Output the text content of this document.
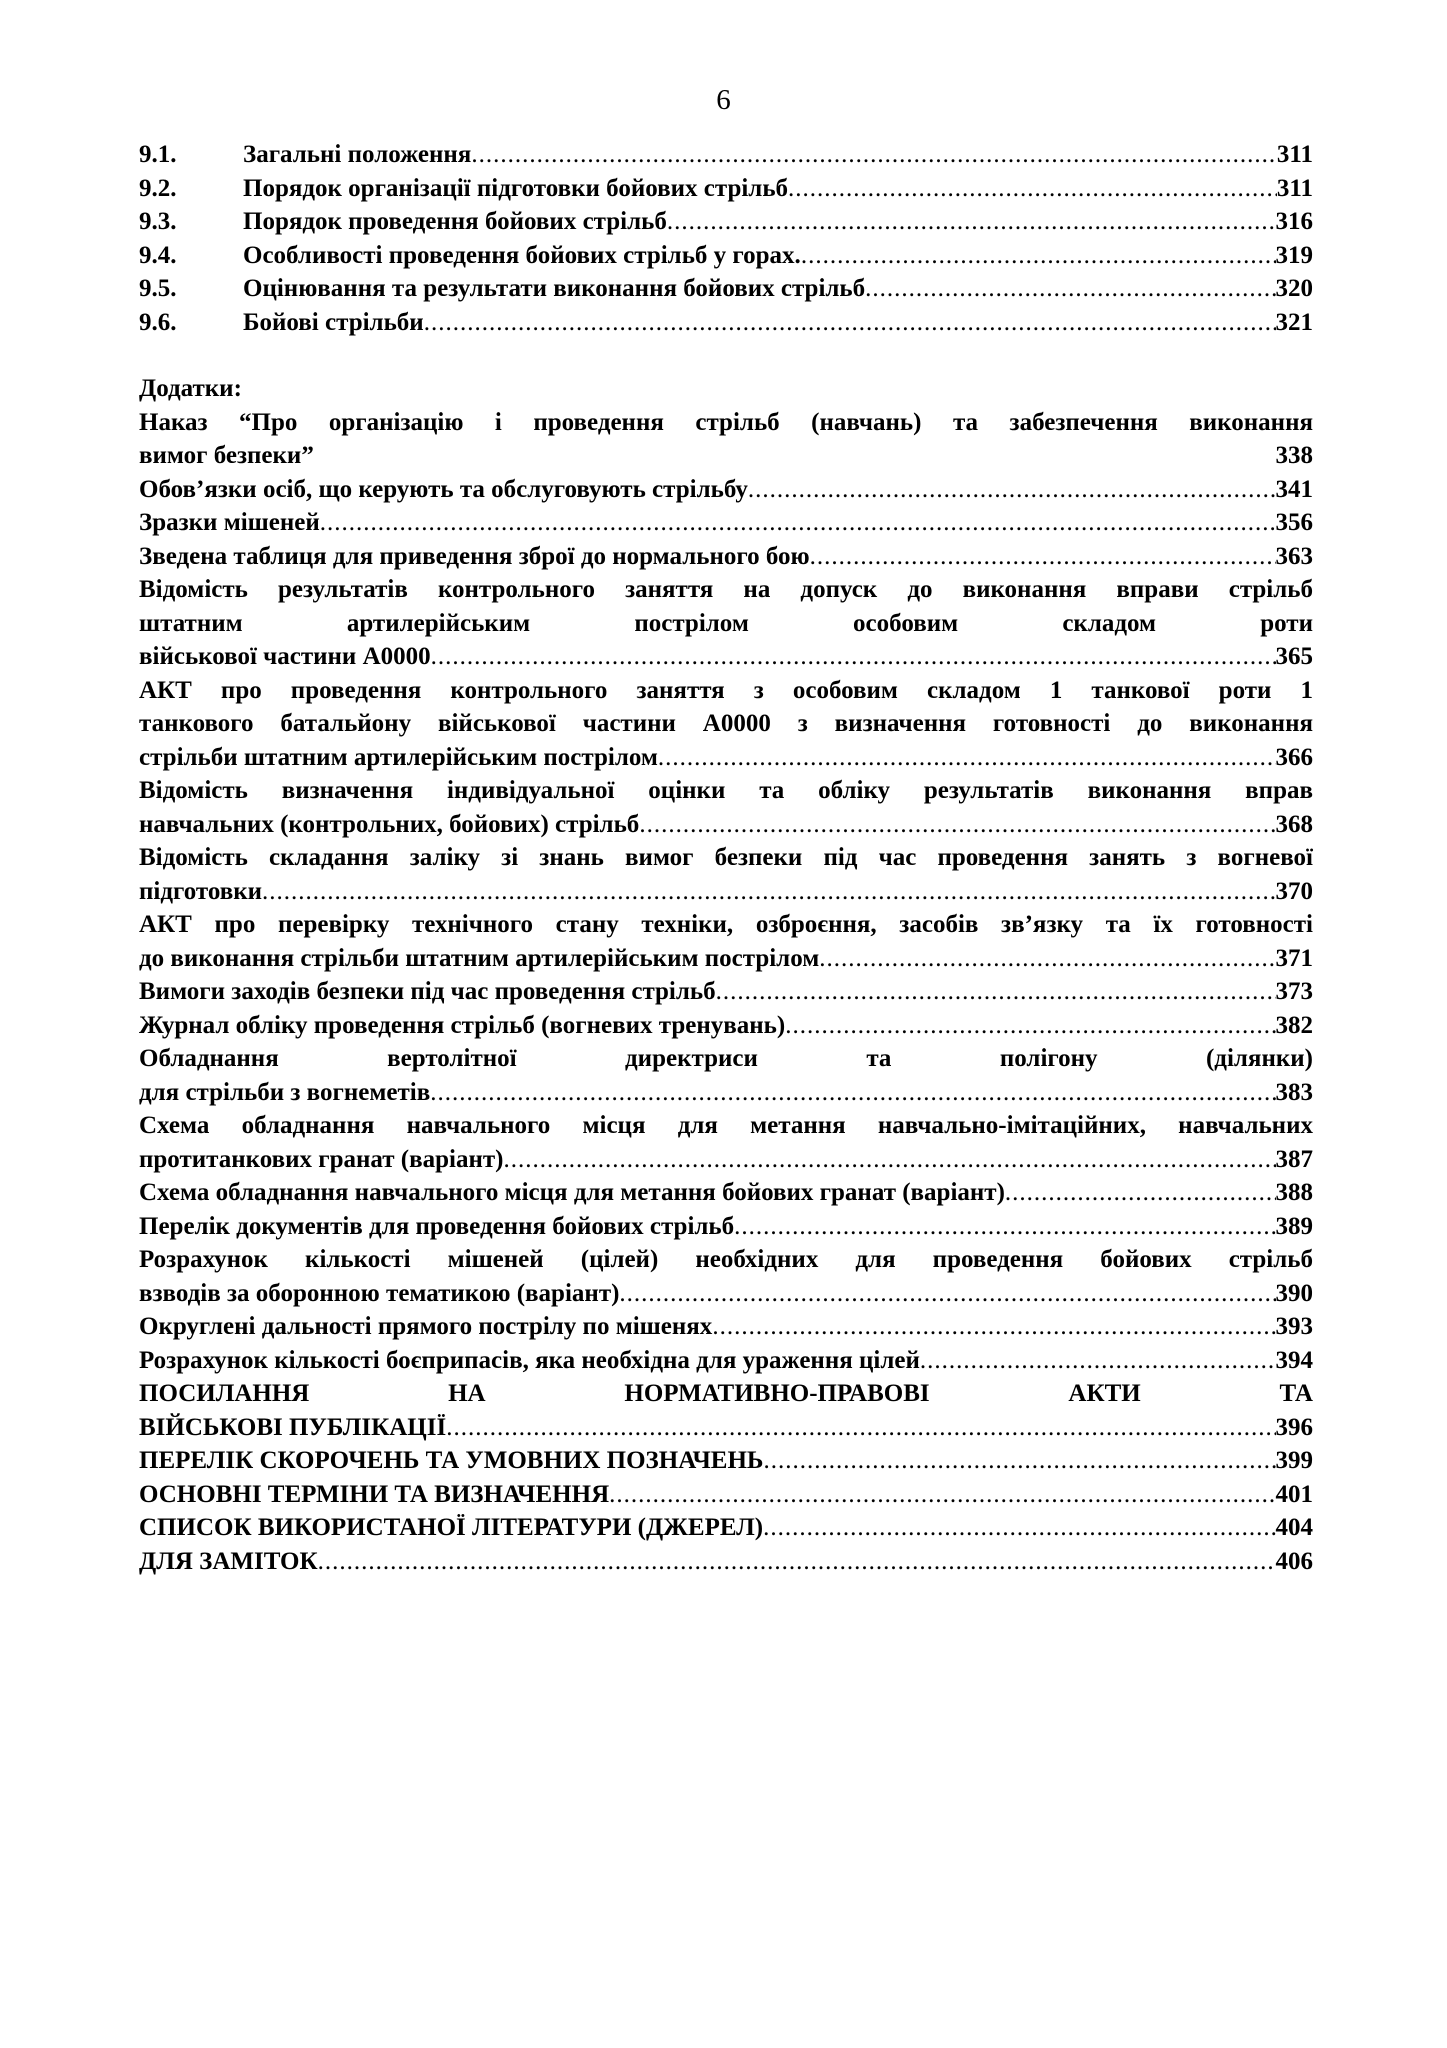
6
9.1.	Загальні положення .....	311
9.2.	Порядок організації підготовки бойових стрільб .....	311
9.3.	Порядок проведення бойових стрільб .....	316
9.4.	Особливості проведення бойових стрільб у горах. .....	319
9.5.	Оцінювання та результати виконання бойових стрільб .....	320
9.6.	Бойові стрільби .....	321
Додатки:
Наказ “Про організацію і проведення стрільб (навчань) та забезпечення виконання
вимог безпеки”	338
Обов’язки осіб, що керують та обслуговують стрільбу .....	341
Зразки мішеней .....	356
Зведена таблиця для приведення зброї до нормального бою .....	363
Відомість результатів контрольного заняття на допуск до виконання вправи стрільб
штатним артилерійським пострілом особовим складом роти
військової частини А0000 .....	365
АКТ про проведення контрольного заняття з особовим складом 1 танкової роти 1
танкового батальйону військової частини А0000 з визначення готовності до виконання
стрільби штатним артилерійським пострілом .....	366
Відомість визначення індивідуальної оцінки та обліку результатів виконання вправ
навчальних (контрольних, бойових) стрільб .....	368
Відомість складання заліку зі знань вимог безпеки під час проведення занять з вогневої
підготовки .....	370
АКТ про перевірку технічного стану техніки, озброєння, засобів зв’язку та їх готовності
до виконання стрільби штатним артилерійським пострілом .....	371
Вимоги заходів безпеки під час проведення стрільб .....	373
Журнал обліку проведення стрільб (вогневих тренувань) .....	382
Обладнання вертолітної директриси та полігону (ділянки)
для стрільби з вогнеметів .....	383
Схема обладнання навчального місця для метання навчально-імітаційних, навчальних
протитанкових гранат (варіант) .....	387
Схема обладнання навчального місця для метання бойових гранат (варіант) .....	388
Перелік документів для проведення бойових стрільб .....	389
Розрахунок кількості мішеней (цілей) необхідних для проведення бойових стрільб
взводів за оборонною тематикою (варіант) .....	390
Округлені дальності прямого пострілу по мішенях .....	393
Розрахунок кількості боєприпасів, яка необхідна для ураження цілей .....	394
ПОСИЛАННЯ НА НОРМАТИВНО-ПРАВОВІ АКТИ ТА
ВІЙСЬКОВІ ПУБЛІКАЦІЇ .....	396
ПЕРЕЛІК СКОРОЧЕНЬ ТА УМОВНИХ ПОЗНАЧЕНЬ .....	399
ОСНОВНІ ТЕРМІНИ ТА ВИЗНАЧЕННЯ .....	401
СПИСОК ВИКОРИСТАНОЇ ЛІТЕРАТУРИ (ДЖЕРЕЛ) .....	404
ДЛЯ ЗАМІТОК .....	406
